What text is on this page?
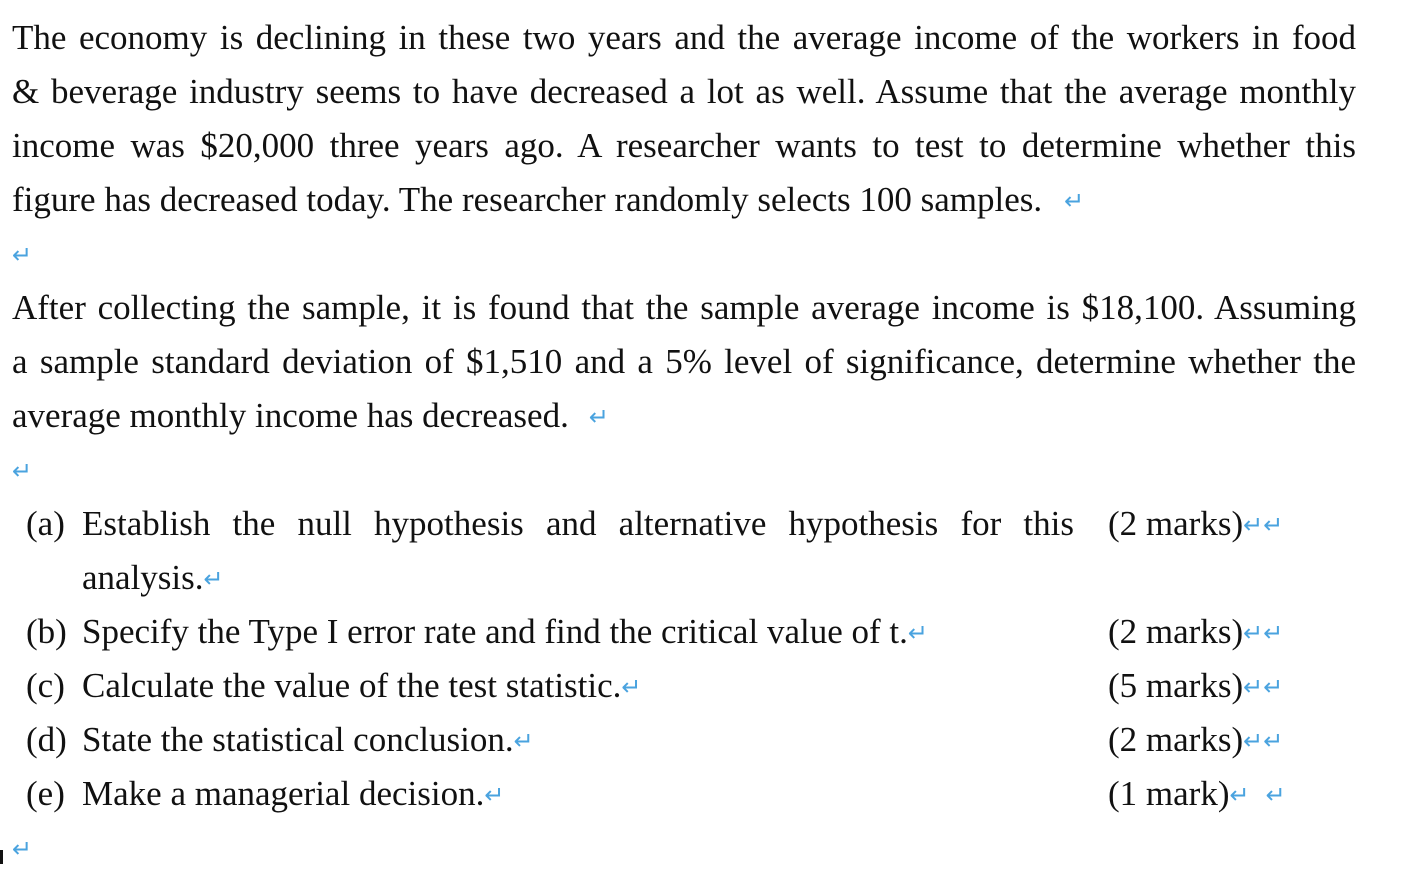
The economy is declining in these two years and the average income of the workers in food
& beverage industry seems to have decreased a lot as well. Assume that the average monthly
income was $20,000 three years ago. A researcher wants to test to determine whether this
figure has decreased today. The researcher randomly selects 100 samples. ↵
↵
After collecting the sample, it is found that the sample average income is $18,100. Assuming
a sample standard deviation of $1,510 and a 5% level of significance, determine whether the
average monthly income has decreased. ↵
↵
(a) Establish the null hypothesis and alternative hypothesis for this (2 marks)↵↵
analysis.↵
(b) Specify the Type I error rate and find the critical value of t.↵	(2 marks)↵↵
(c) Calculate the value of the test statistic.↵	(5 marks)↵↵
(d) State the statistical conclusion.↵	(2 marks)↵↵
(e) Make a managerial decision.↵	(1 mark)↵ ↵
↵
